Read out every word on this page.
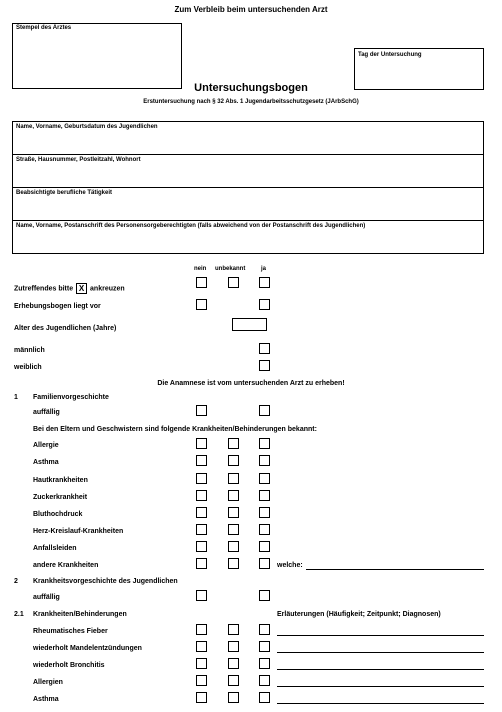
Zum Verbleib beim untersuchenden Arzt
Stempel des Arztes
Tag der Untersuchung
Untersuchungsbogen
Erstuntersuchung nach § 32 Abs. 1 Jugendarbeitsschutzgesetz (JArbSchG)
Name, Vorname, Geburtsdatum des Jugendlichen
Straße, Hausnummer, Postleitzahl, Wohnort
Beabsichtigte berufliche Tätigkeit
Name, Vorname, Postanschrift des Personensorgeberechtigten (falls abweichend von der Postanschrift des Jugendlichen)
nein unbekannt	ja
Zutreffendes bitte X ankreuzen
Erhebungsbogen liegt vor
Alter des Jugendlichen (Jahre)
männlich
weiblich
Die Anamnese ist vom untersuchenden Arzt zu erheben!
1 Familienvorgeschichte
auffällig
Bei den Eltern und Geschwistern sind folgende Krankheiten/Behinderungen bekannt:
Allergie
Asthma
Hautkrankheiten
Zuckerkrankheit
Bluthochdruck
Herz-Kreislauf-Krankheiten
Anfallsleiden
andere Krankheiten	welche:
2 Krankheitsvorgeschichte des Jugendlichen
auffällig
2.1 Krankheiten/Behinderungen	Erläuterungen (Häufigkeit; Zeitpunkt; Diagnosen)
Rheumatisches Fieber
wiederholt Mandelentzündungen
wiederholt Bronchitis
Allergien
Asthma
